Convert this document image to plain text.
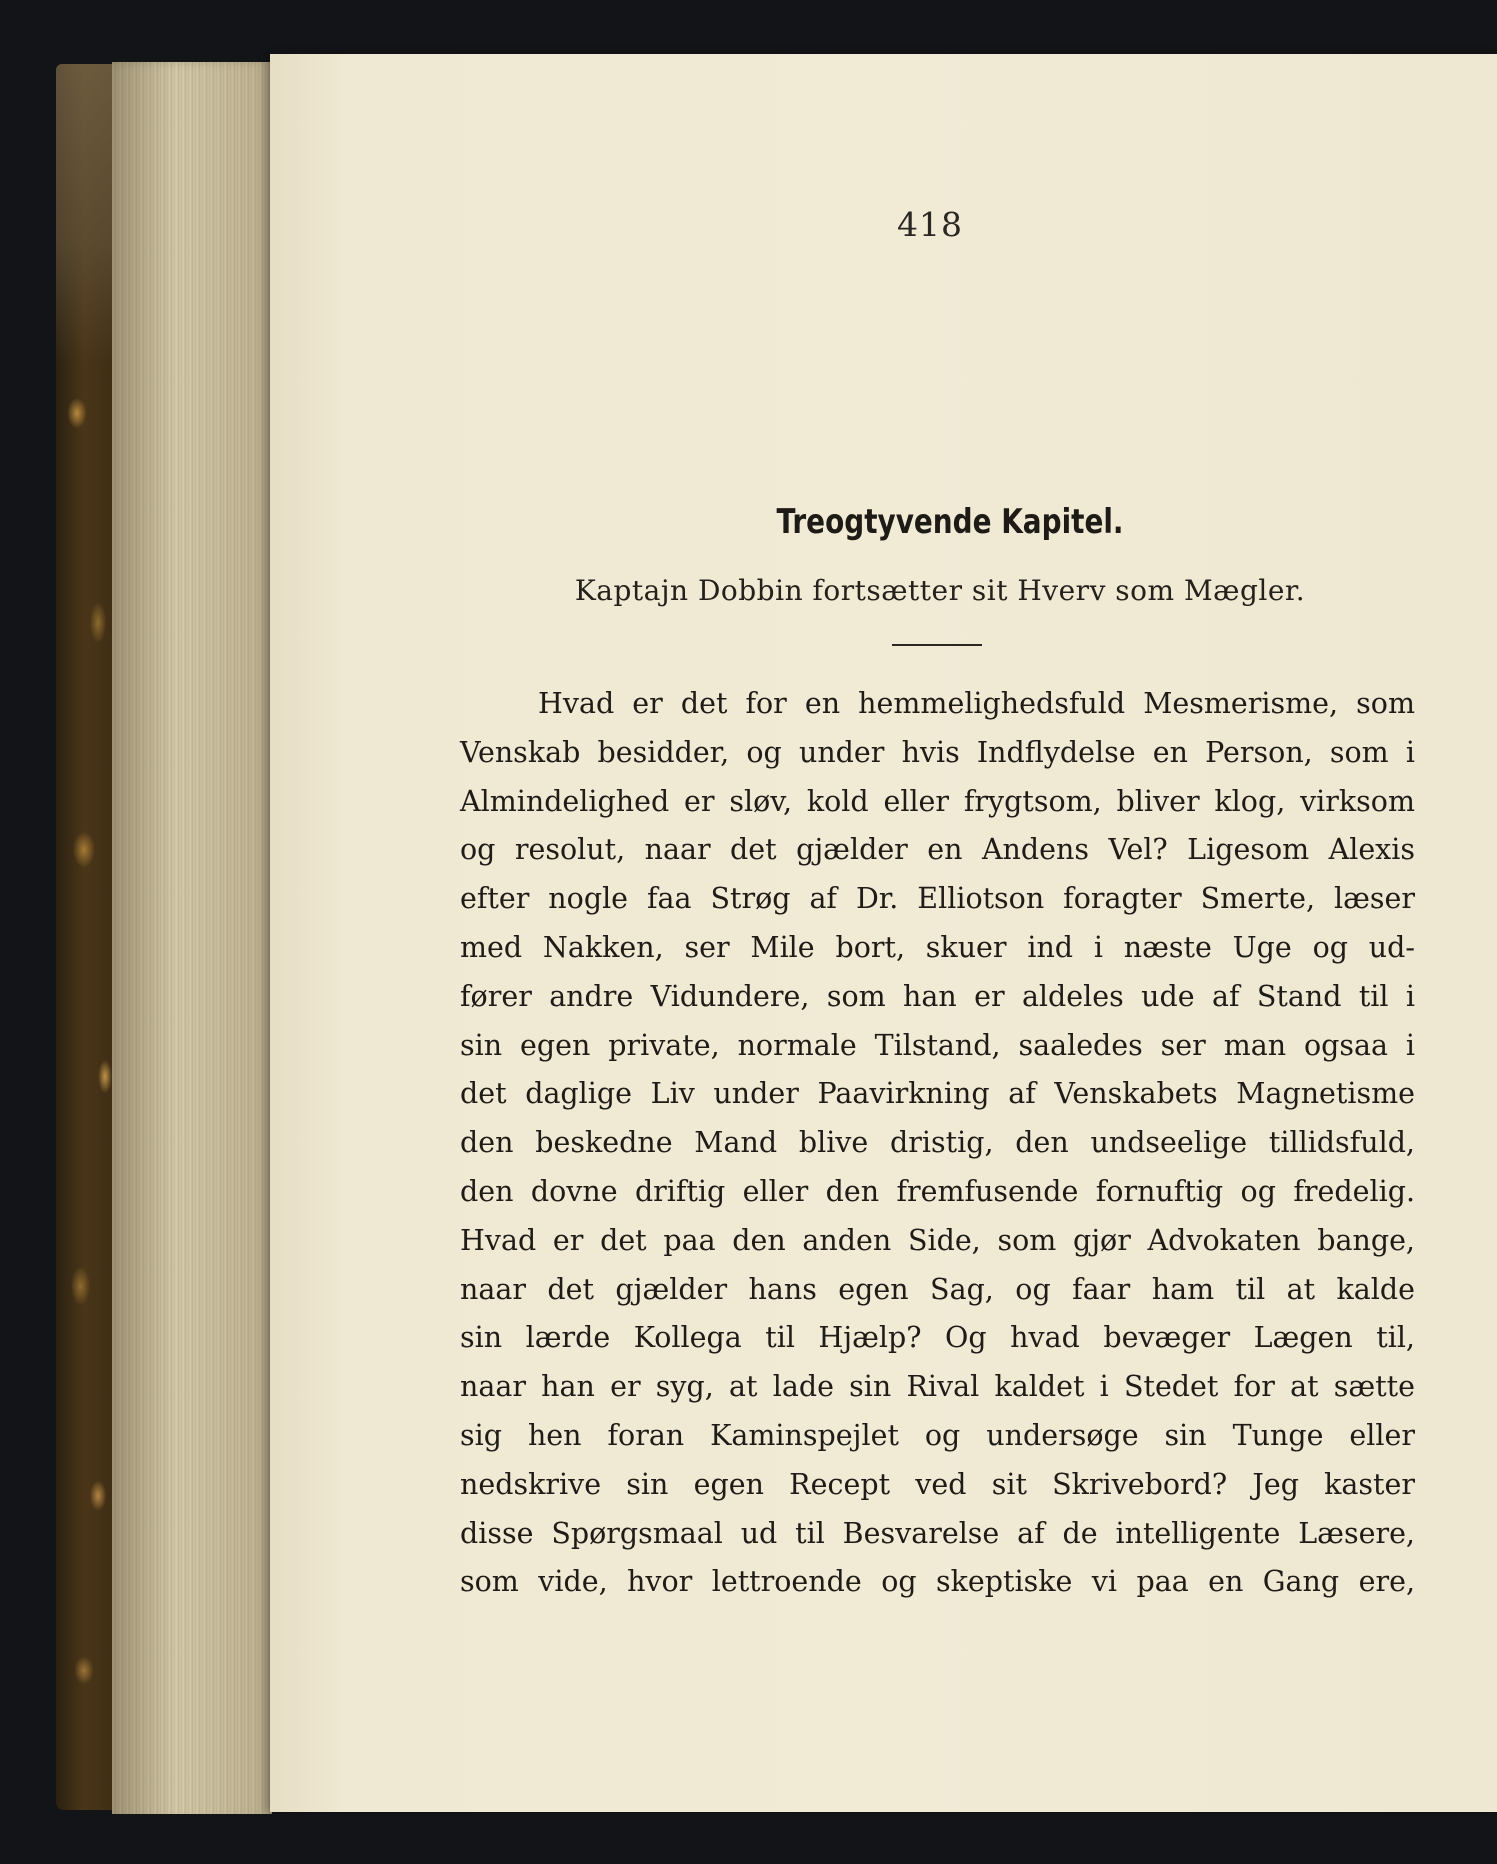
418
Treogtyvende Kapitel.
Kaptajn Dobbin fortsætter sit Hverv som Mægler.
Hvad er det for en hemmelighedsfuld Mesmerisme, som
Venskab besidder, og under hvis Indflydelse en Person, som i
Almindelighed er sløv, kold eller frygtsom, bliver klog, virksom
og resolut, naar det gjælder en Andens Vel? Ligesom Alexis
efter nogle faa Strøg af Dr. Elliotson foragter Smerte, læser
med Nakken, ser Mile bort, skuer ind i næste Uge og ud-
fører andre Vidundere, som han er aldeles ude af Stand til i
sin egen private, normale Tilstand, saaledes ser man ogsaa i
det daglige Liv under Paavirkning af Venskabets Magnetisme
den beskedne Mand blive dristig, den undseelige tillidsfuld,
den dovne driftig eller den fremfusende fornuftig og fredelig.
Hvad er det paa den anden Side, som gjør Advokaten bange,
naar det gjælder hans egen Sag, og faar ham til at kalde
sin lærde Kollega til Hjælp? Og hvad bevæger Lægen til,
naar han er syg, at lade sin Rival kaldet i Stedet for at sætte
sig hen foran Kaminspejlet og undersøge sin Tunge eller
nedskrive sin egen Recept ved sit Skrivebord? Jeg kaster
disse Spørgsmaal ud til Besvarelse af de intelligente Læsere,
som vide, hvor lettroende og skeptiske vi paa en Gang ere,
